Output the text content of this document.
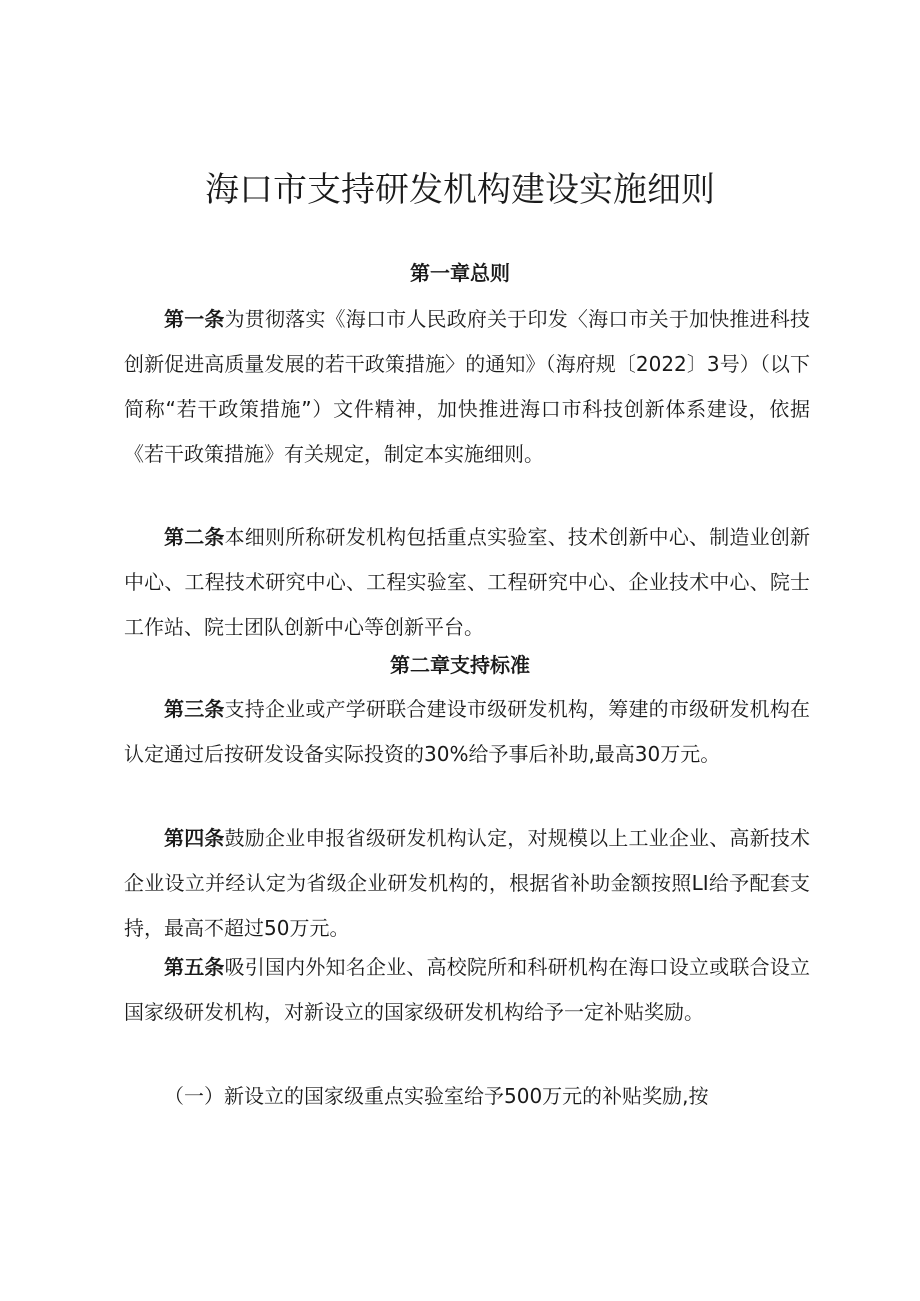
海口市支持研发机构建设实施细则
第一章总则

第一条为贯彻落实《海口市人民政府关于印发〈海口市关于加快推进科技创新促进高质量发展的若干政策措施〉的通知》（海府规〔2022〕3号）（以下简称“若干政策措施”）文件精神，加快推进海口市科技创新体系建设，依据《若干政策措施》有关规定，制定本实施细则。

第二条本细则所称研发机构包括重点实验室、技术创新中心、制造业创新中心、工程技术研究中心、工程实验室、工程研究中心、企业技术中心、院士工作站、院士团队创新中心等创新平台。

第二章支持标准

第三条支持企业或产学研联合建设市级研发机构，筹建的市级研发机构在认定通过后按研发设备实际投资的30%给予事后补助,最高30万元。

第四条鼓励企业申报省级研发机构认定，对规模以上工业企业、高新技术企业设立并经认定为省级企业研发机构的，根据省补助金额按照LI给予配套支持，最高不超过50万元。

第五条吸引国内外知名企业、高校院所和科研机构在海口设立或联合设立国家级研发机构，对新设立的国家级研发机构给予一定补贴奖励。

（一）新设立的国家级重点实验室给予500万元的补贴奖励,按
